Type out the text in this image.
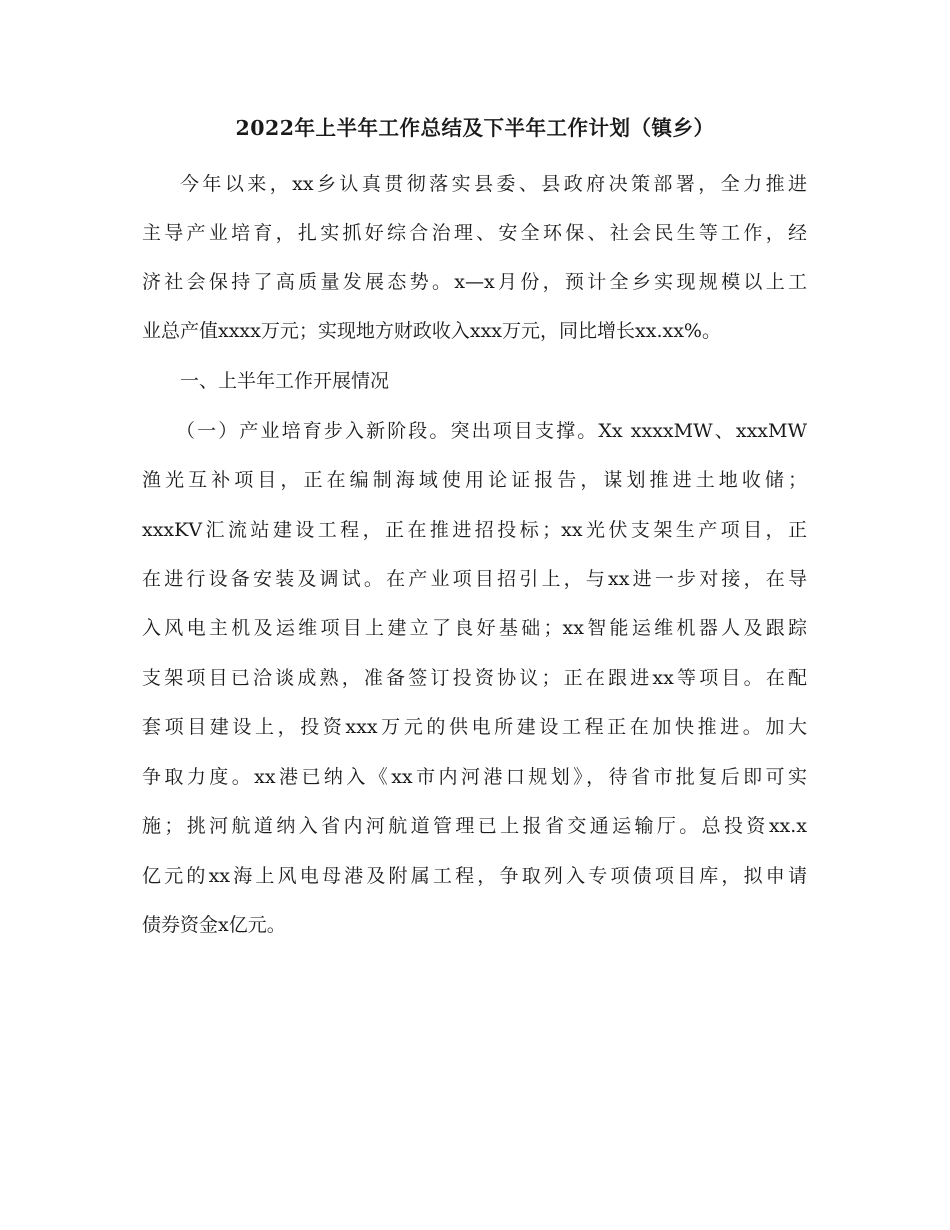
2022年上半年工作总结及下半年工作计划（镇乡）
今年以来，xx乡认真贯彻落实县委、县政府决策部署，全力推进
主导产业培育，扎实抓好综合治理、安全环保、社会民生等工作，经
济社会保持了高质量发展态势。x—x月份，预计全乡实现规模以上工
业总产值xxxx万元；实现地方财政收入xxx万元，同比增长xx.xx%。
一、上半年工作开展情况
（一）产业培育步入新阶段。突出项目支撑。Xx xxxxMW、xxxMW
渔光互补项目，正在编制海域使用论证报告，谋划推进土地收储；
xxxKV汇流站建设工程，正在推进招投标；xx光伏支架生产项目，正
在进行设备安装及调试。在产业项目招引上，与xx进一步对接，在导
入风电主机及运维项目上建立了良好基础；xx智能运维机器人及跟踪
支架项目已洽谈成熟，准备签订投资协议；正在跟进xx等项目。在配
套项目建设上，投资xxx万元的供电所建设工程正在加快推进。加大
争取力度。xx港已纳入《xx市内河港口规划》，待省市批复后即可实
施；挑河航道纳入省内河航道管理已上报省交通运输厅。总投资xx.x
亿元的xx海上风电母港及附属工程，争取列入专项债项目库，拟申请
债券资金x亿元。
